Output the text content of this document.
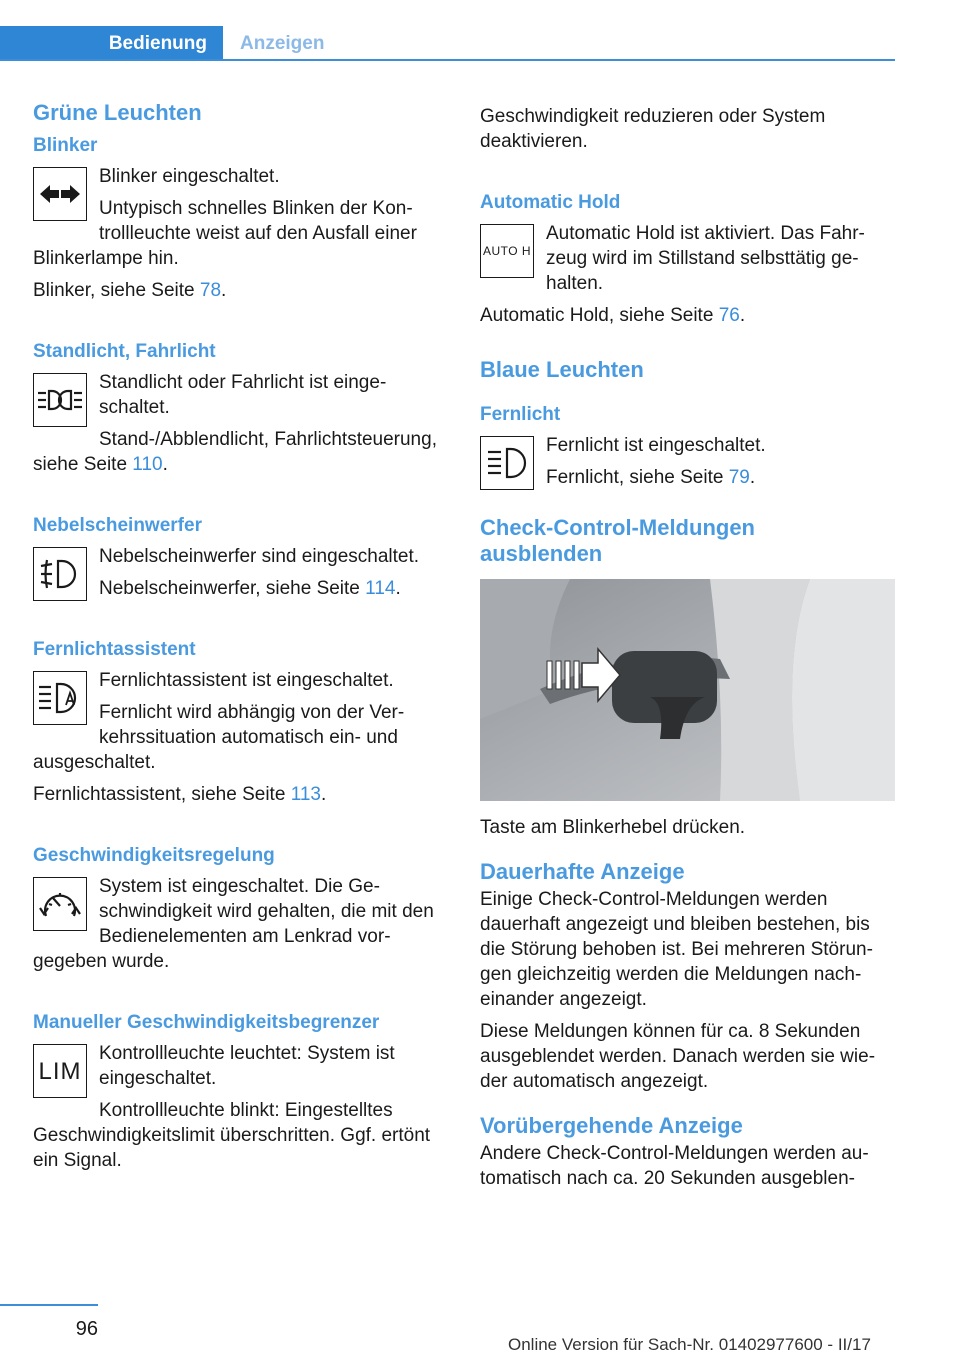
Bedienung	Anzeigen
Grüne Leuchten
Blinker

Blinker eingeschaltet.

Untypisch schnelles Blinken der Kontrollleuchte weist auf den Ausfall einer Blinkerlampe hin.

Blinker, siehe Seite 78.

Standlicht, Fahrlicht

Standlicht oder Fahrlicht ist eingeschaltet.

Stand-/Abblendlicht, Fahrlichtsteuerung, siehe Seite 110.

Nebelscheinwerfer

Nebelscheinwerfer sind eingeschaltet.

Nebelscheinwerfer, siehe Seite 114.

Fernlichtassistent

Fernlichtassistent ist eingeschaltet.

Fernlicht wird abhängig von der Verkehrssituation automatisch ein- und ausgeschaltet.

Fernlichtassistent, siehe Seite 113.

Geschwindigkeitsregelung

System ist eingeschaltet. Die Geschwindigkeit wird gehalten, die mit den Bedienelementen am Lenkrad vorgegeben wurde.

Manueller Geschwindigkeitsbegrenzer
LIM

Kontrollleuchte leuchtet: System ist eingeschaltet.

Kontrollleuchte blinkt: Eingestelltes Geschwindigkeitslimit überschritten. Ggf. ertönt ein Signal.

Geschwindigkeit reduzieren oder System deaktivieren.

Automatic Hold
AUTO H

Automatic Hold ist aktiviert. Das Fahrzeug wird im Stillstand selbsttätig gehalten.

Automatic Hold, siehe Seite 76.

Blaue Leuchten
Fernlicht

Fernlicht ist eingeschaltet.

Fernlicht, siehe Seite 79.

Check-Control-Meldungen ausblenden

Taste am Blinkerhebel drücken.

Dauerhafte Anzeige

Einige Check-Control-Meldungen werden dauerhaft angezeigt und bleiben bestehen, bis die Störung behoben ist. Bei mehreren Störungen gleichzeitig werden die Meldungen nacheinander angezeigt.

Diese Meldungen können für ca. 8 Sekunden ausgeblendet werden. Danach werden sie wieder automatisch angezeigt.

Vorübergehende Anzeige

Andere Check-Control-Meldungen werden automatisch nach ca. 20 Sekunden ausgeblen-

96
Online Version für Sach-Nr. 01402977600 - II/17
